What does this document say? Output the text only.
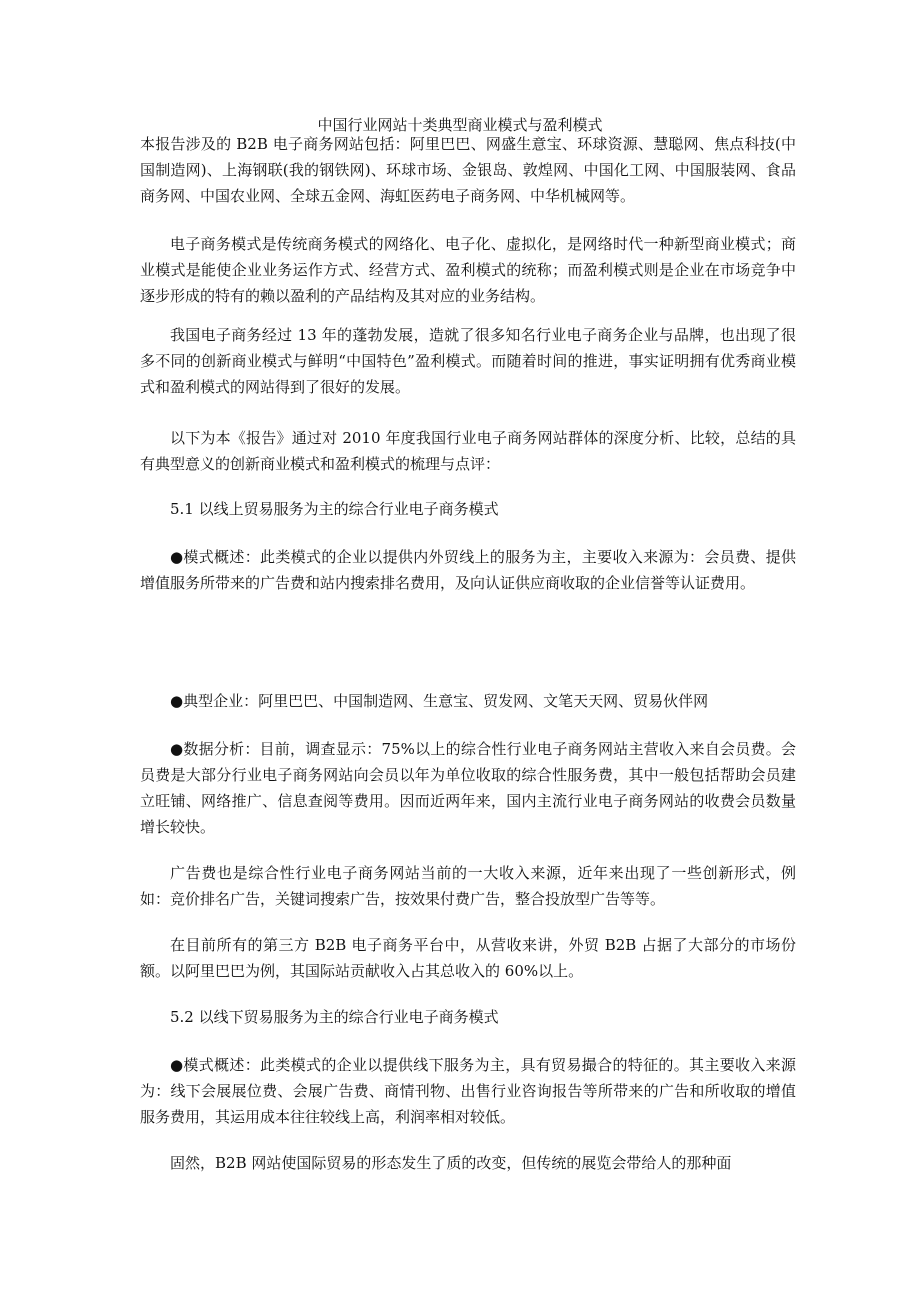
中国行业网站十类典型商业模式与盈利模式

本报告涉及的 B2B 电子商务网站包括：阿里巴巴、网盛生意宝、环球资源、慧聪网、焦点科技(中国制造网)、上海钢联(我的钢铁网)、环球市场、金银岛、敦煌网、中国化工网、中国服装网、食品商务网、中国农业网、全球五金网、海虹医药电子商务网、中华机械网等。

电子商务模式是传统商务模式的网络化、电子化、虚拟化，是网络时代一种新型商业模式；商业模式是能使企业业务运作方式、经营方式、盈利模式的统称；而盈利模式则是企业在市场竞争中逐步形成的特有的赖以盈利的产品结构及其对应的业务结构。

我国电子商务经过 13 年的蓬勃发展，造就了很多知名行业电子商务企业与品牌，也出现了很多不同的创新商业模式与鲜明“中国特色”盈利模式。而随着时间的推进，事实证明拥有优秀商业模式和盈利模式的网站得到了很好的发展。

以下为本《报告》通过对 2010 年度我国行业电子商务网站群体的深度分析、比较，总结的具有典型意义的创新商业模式和盈利模式的梳理与点评：

5.1 以线上贸易服务为主的综合行业电子商务模式

●模式概述：此类模式的企业以提供内外贸线上的服务为主，主要收入来源为：会员费、提供增值服务所带来的广告费和站内搜索排名费用，及向认证供应商收取的企业信誉等认证费用。

●典型企业：阿里巴巴、中国制造网、生意宝、贸发网、文笔天天网、贸易伙伴网

●数据分析：目前，调查显示：75%以上的综合性行业电子商务网站主营收入来自会员费。会员费是大部分行业电子商务网站向会员以年为单位收取的综合性服务费，其中一般包括帮助会员建立旺铺、网络推广、信息查阅等费用。因而近两年来，国内主流行业电子商务网站的收费会员数量增长较快。

广告费也是综合性行业电子商务网站当前的一大收入来源，近年来出现了一些创新形式，例如：竞价排名广告，关键词搜索广告，按效果付费广告，整合投放型广告等等。

在目前所有的第三方 B2B 电子商务平台中，从营收来讲，外贸 B2B 占据了大部分的市场份额。以阿里巴巴为例，其国际站贡献收入占其总收入的 60%以上。

5.2 以线下贸易服务为主的综合行业电子商务模式

●模式概述：此类模式的企业以提供线下服务为主，具有贸易撮合的特征的。其主要收入来源为：线下会展展位费、会展广告费、商情刊物、出售行业咨询报告等所带来的广告和所收取的增值服务费用，其运用成本往往较线上高，利润率相对较低。

固然，B2B 网站使国际贸易的形态发生了质的改变，但传统的展览会带给人的那种面
